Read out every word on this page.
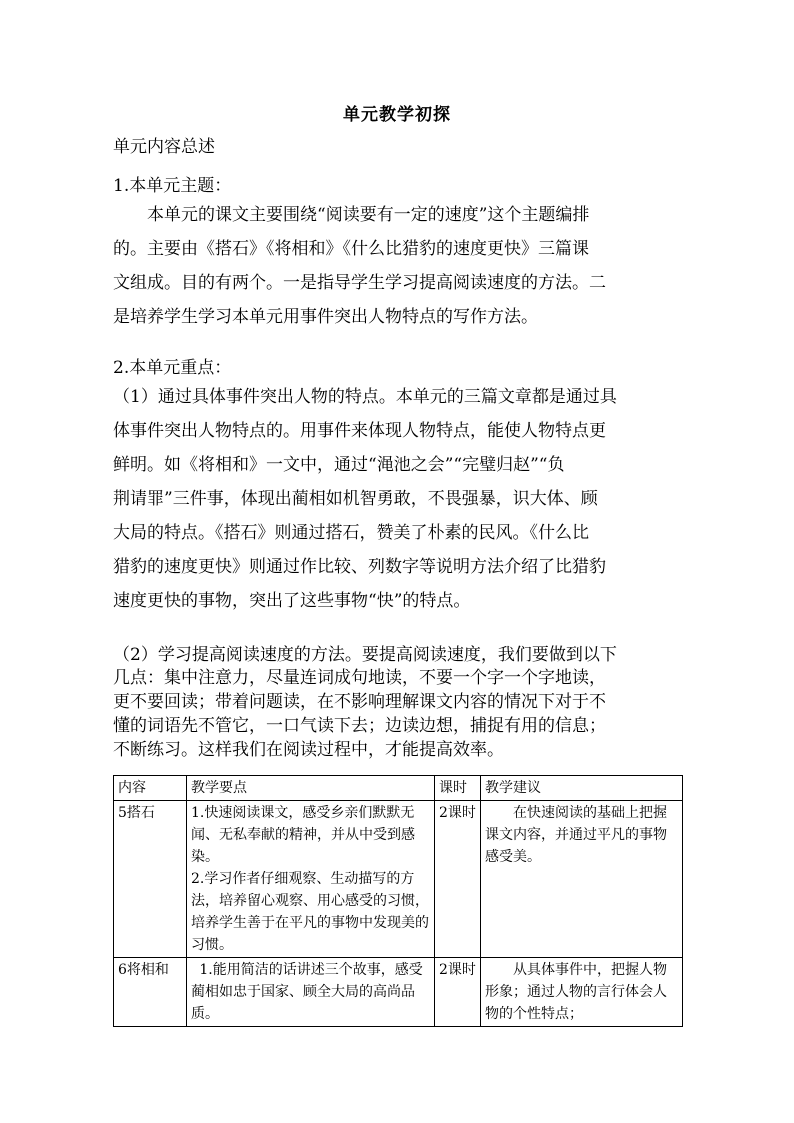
单元教学初探
单元内容总述
1.本单元主题：
　　本单元的课文主要围绕“阅读要有一定的速度”这个主题编排
的。主要由《搭石》《将相和》《什么比猎豹的速度更快》三篇课
文组成。目的有两个。一是指导学生学习提高阅读速度的方法。二
是培养学生学习本单元用事件突出人物特点的写作方法。
2.本单元重点：
（1）通过具体事件突出人物的特点。本单元的三篇文章都是通过具
体事件突出人物特点的。用事件来体现人物特点，能使人物特点更
鲜明。如《将相和》一文中，通过“渑池之会”“完璧归赵”“负
荆请罪”三件事，体现出蔺相如机智勇敢，不畏强暴，识大体、顾
大局的特点。《搭石》则通过搭石，赞美了朴素的民风。《什么比
猎豹的速度更快》则通过作比较、列数字等说明方法介绍了比猎豹
速度更快的事物，突出了这些事物“快”的特点。
（2）学习提高阅读速度的方法。要提高阅读速度，我们要做到以下
几点：集中注意力，尽量连词成句地读，不要一个字一个字地读，
更不要回读；带着问题读，在不影响理解课文内容的情况下对于不
懂的词语先不管它，一口气读下去；边读边想，捕捉有用的信息；
不断练习。这样我们在阅读过程中，才能提高效率。
内容	教学要点	课时	教学建议
5搭石	1.快速阅读课文，感受乡亲们默默无闻、无私奉献的精神，并从中受到感染。
2.学习作者仔细观察、生动描写的方法，培养留心观察、用心感受的习惯，培养学生善于在平凡的事物中发现美的习惯。	2课时	在快速阅读的基础上把握课文内容，并通过平凡的事物感受美。
6将相和	1.能用简洁的话讲述三个故事，感受蔺相如忠于国家、顾全大局的高尚品质。	2课时	从具体事件中，把握人物形象；通过人物的言行体会人物的个性特点；
